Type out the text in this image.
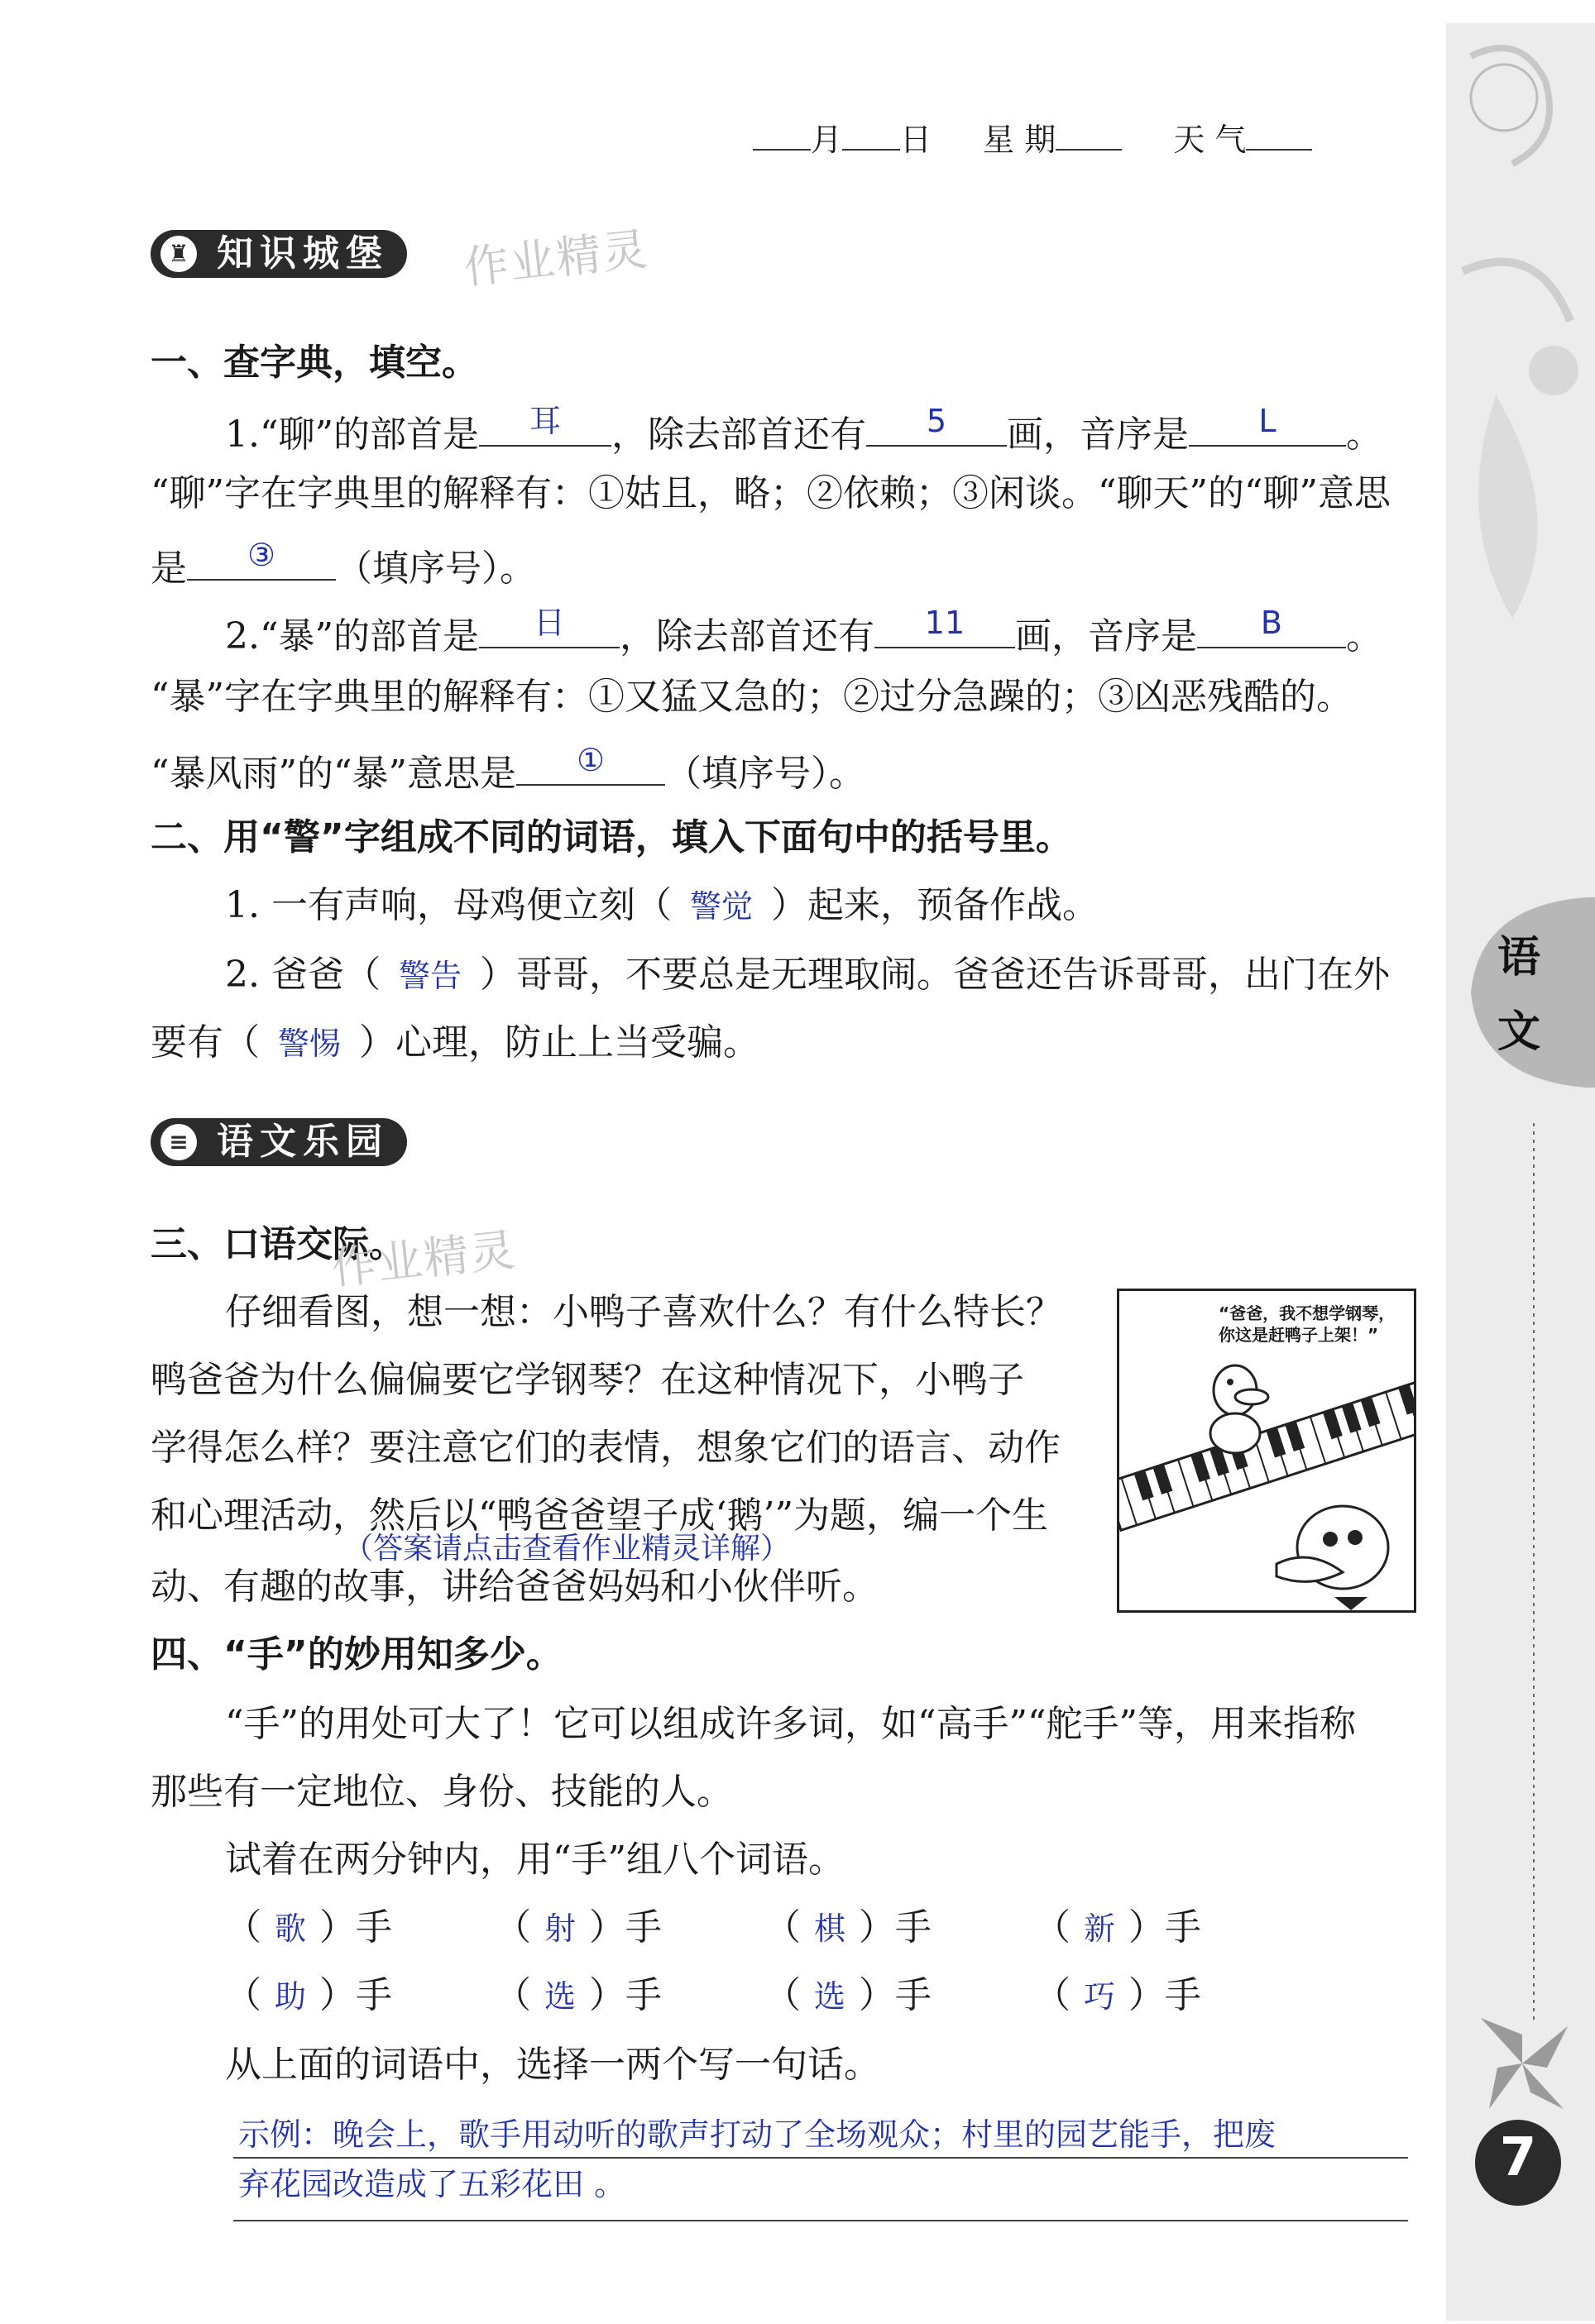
语
文
7
月 日 星 期	天 气
♜ 知识城堡	作业精灵
一、查字典，填空。
1.“聊”的部首是	耳	，除去部首还有	5	画，音序是	L	。
“聊”字在字典里的解释有：①姑且，略；②依赖；③闲谈。“聊天”的“聊”意思
是	③	（填序号）。
2.“暴”的部首是	日	，除去部首还有	11	画，音序是	B	。
“暴”字在字典里的解释有：①又猛又急的；②过分急躁的；③凶恶残酷的。
“暴风雨”的“暴”意思是	①	（填序号）。
二、用“警”字组成不同的词语，填入下面句中的括号里。
1. 一有声响，母鸡便立刻（ 警觉 ）起来，预备作战。
2. 爸爸（ 警告 ）哥哥，不要总是无理取闹。爸爸还告诉哥哥，出门在外
要有（ 警惕 ）心理，防止上当受骗。
≡ 语文乐园
三、口语交际。
作业精灵
仔细看图，想一想：小鸭子喜欢什么？有什么特长？
鸭爸爸为什么偏偏要它学钢琴？在这种情况下，小鸭子
学得怎么样？要注意它们的表情，想象它们的语言、动作
和心理活动，然后以“鸭爸爸望子成‘鹅’”为题，编一个生
（答案请点击查看作业精灵详解）
动、有趣的故事，讲给爸爸妈妈和小伙伴听。
“爸爸，我不想学钢琴，
你这是赶鸭子上架！”
四、“手”的妙用知多少。
“手”的用处可大了！它可以组成许多词，如“高手”“舵手”等，用来指称
那些有一定地位、身份、技能的人。
试着在两分钟内，用“手”组八个词语。
（ 歌 ）手	（ 射 ）手	（ 棋 ）手	（ 新 ）手
（ 助 ）手	（ 选 ）手	（ 选 ）手	（ 巧 ）手
从上面的词语中，选择一两个写一句话。
示例：晚会上，歌手用动听的歌声打动了全场观众；村里的园艺能手，把废
弃花园改造成了五彩花田 。
